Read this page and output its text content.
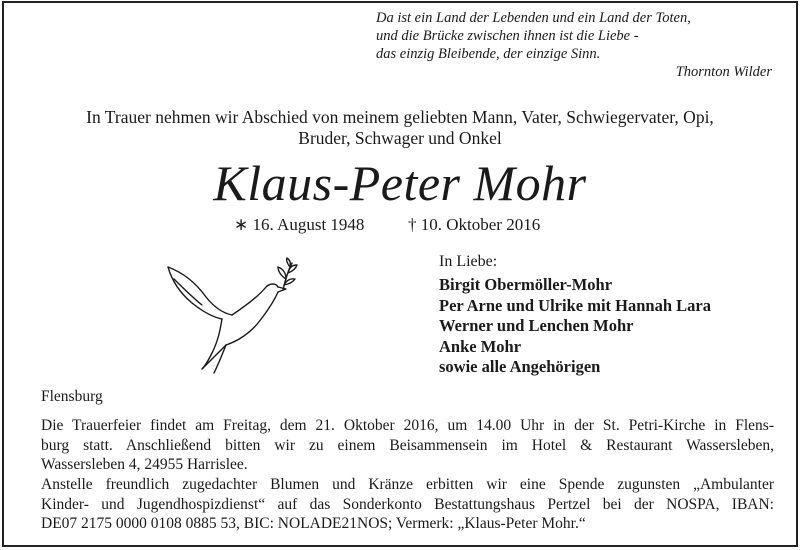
Da ist ein Land der Lebenden und ein Land der Toten,
und die Brücke zwischen ihnen ist die Liebe -
das einzig Bleibende, der einzige Sinn.
Thornton Wilder
In Trauer nehmen wir Abschied von meinem geliebten Mann, Vater, Schwiegervater, Opi,
Bruder, Schwager und Onkel
Klaus-Peter Mohr
∗ 16. August 1948	† 10. Oktober 2016
In Liebe:
Birgit Obermöller-Mohr
Per Arne und Ulrike mit Hannah Lara
Werner und Lenchen Mohr
Anke Mohr
sowie alle Angehörigen
Flensburg
Die Trauerfeier findet am Freitag, dem 21. Oktober 2016, um 14.00 Uhr in der St. Petri-Kirche in Flens-
burg statt. Anschließend bitten wir zu einem Beisammensein im Hotel & Restaurant Wassersleben,
Wassersleben 4, 24955 Harrislee.
Anstelle freundlich zugedachter Blumen und Kränze erbitten wir eine Spende zugunsten „Ambulanter
Kinder- und Jugendhospizdienst“ auf das Sonderkonto Bestattungshaus Pertzel bei der NOSPA, IBAN:
DE07 2175 0000 0108 0885 53, BIC: NOLADE21NOS; Vermerk: „Klaus-Peter Mohr.“
